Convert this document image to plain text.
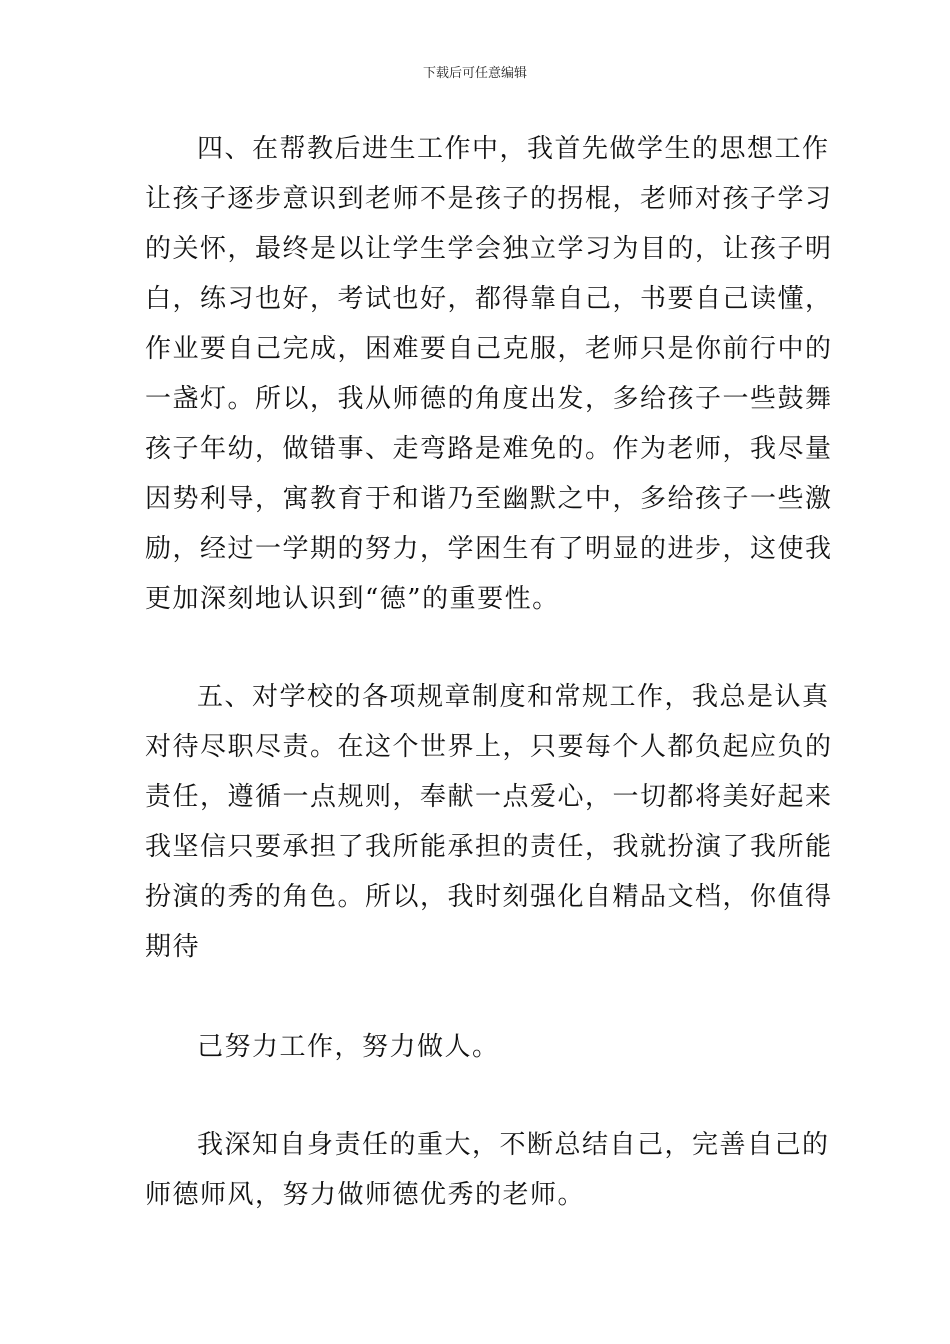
下载后可任意编辑
四、在帮教后进生工作中，我首先做学生的思想工作
让孩子逐步意识到老师不是孩子的拐棍，老师对孩子学习
的关怀，最终是以让学生学会独立学习为目的，让孩子明
白，练习也好，考试也好，都得靠自己，书要自己读懂，
作业要自己完成，困难要自己克服，老师只是你前行中的
一盏灯。所以，我从师德的角度出发，多给孩子一些鼓舞
孩子年幼，做错事、走弯路是难免的。作为老师，我尽量
因势利导，寓教育于和谐乃至幽默之中，多给孩子一些激
励，经过一学期的努力，学困生有了明显的进步，这使我
更加深刻地认识到“德”的重要性。
五、对学校的各项规章制度和常规工作，我总是认真
对待尽职尽责。在这个世界上，只要每个人都负起应负的
责任，遵循一点规则，奉献一点爱心，一切都将美好起来
我坚信只要承担了我所能承担的责任，我就扮演了我所能
扮演的秀的角色。所以，我时刻强化自精品文档，你值得
期待
己努力工作，努力做人。
我深知自身责任的重大，不断总结自己，完善自己的
师德师风，努力做师德优秀的老师。
